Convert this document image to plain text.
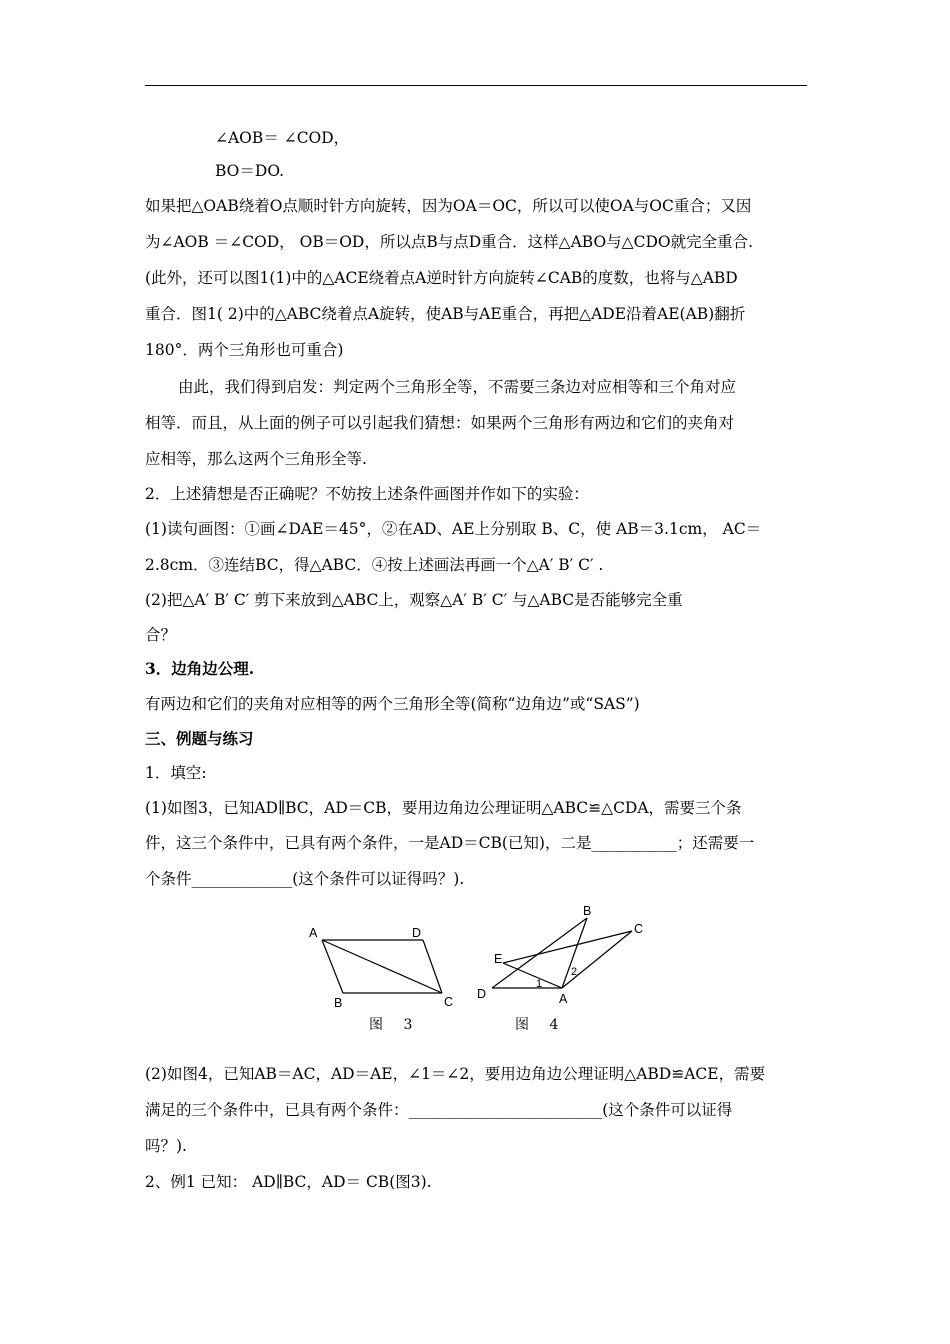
∠AOB＝ ∠COD，
BO＝DO.
如果把△OAB绕着O点顺时针方向旋转，因为OA＝OC，所以可以使OA与OC重合；又因
为∠AOB ＝∠COD， OB＝OD，所以点B与点D重合．这样△ABO与△CDO就完全重合.
(此外，还可以图1(1)中的△ACE绕着点A逆时针方向旋转∠CAB的度数，也将与△ABD
重合．图1( 2)中的△ABC绕着点A旋转，使AB与AE重合，再把△ADE沿着AE(AB)翻折
180°．两个三角形也可重合)
由此，我们得到启发：判定两个三角形全等，不需要三条边对应相等和三个角对应
相等．而且，从上面的例子可以引起我们猜想：如果两个三角形有两边和它们的夹角对
应相等，那么这两个三角形全等.
2．上述猜想是否正确呢？不妨按上述条件画图并作如下的实验：
(1)读句画图：①画∠DAE＝45°，②在AD、AE上分别取 B、C，使 AB＝3.1cm， AC＝
2.8cm．③连结BC，得△ABC．④按上述画法再画一个△A′ B′ C′ .
(2)把△A′ B′ C′ 剪下来放到△ABC上，观察△A′ B′ C′ 与△ABC是否能够完全重
合？
3．边角边公理.
有两边和它们的夹角对应相等的两个三角形全等(简称“边角边”或“SAS”)
三、例题与练习
1．填空:
(1)如图3，已知AD∥BC，AD＝CB，要用边角边公理证明△ABC≌△CDA，需要三个条
件，这三个条件中，已具有两个条件，一是AD＝CB(已知)，二是___________；还需要一
个条件_____________(这个条件可以证得吗？).
A	D
B	C
图 3
B
C
E
D	A
1
2
图 4
(2)如图4，已知AB＝AC，AD＝AE，∠1＝∠2，要用边角边公理证明△ABD≌ACE，需要
满足的三个条件中，已具有两个条件：_________________________(这个条件可以证得
吗？).
2、例1 已知： AD∥BC，AD＝ CB(图3).
